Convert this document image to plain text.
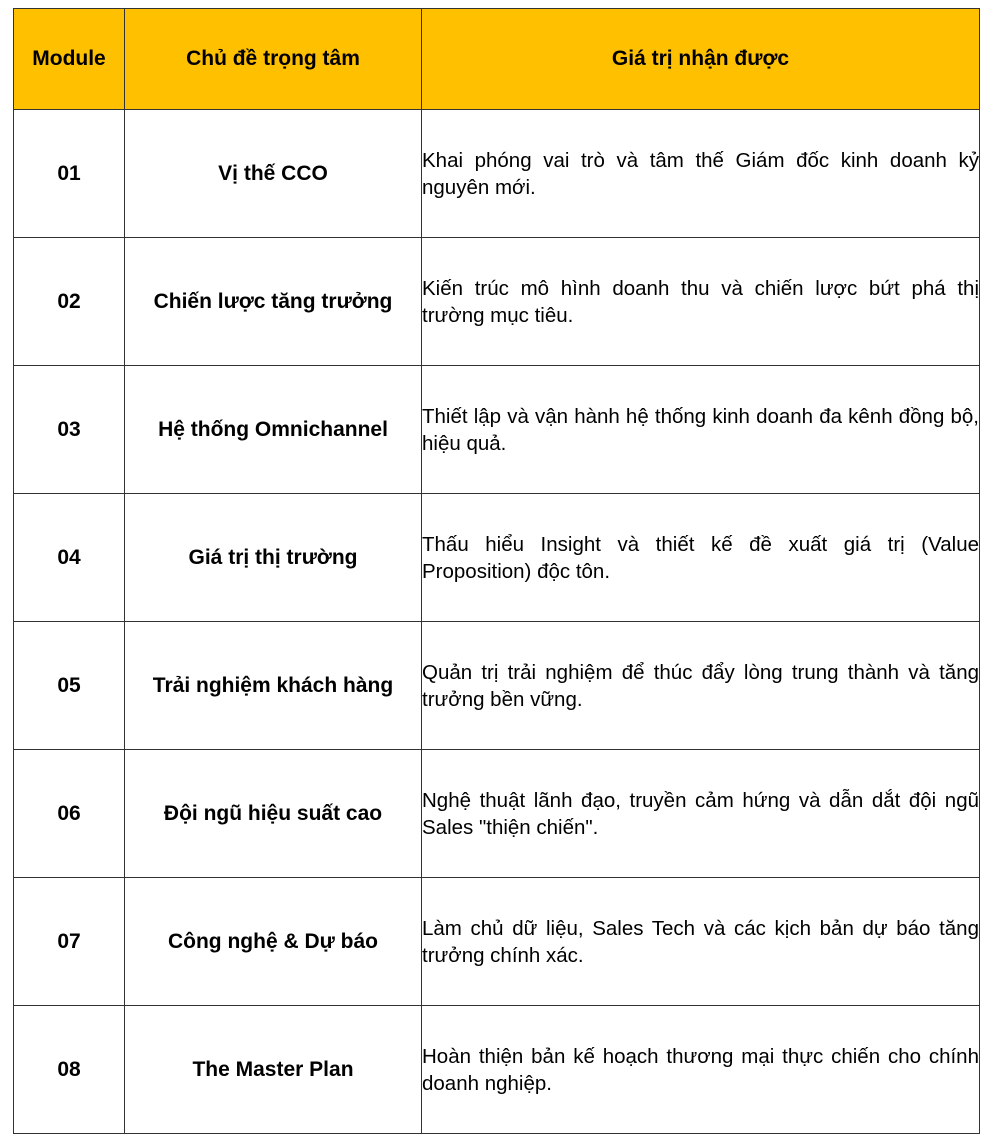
Module	Chủ đề trọng tâm	Giá trị nhận được
01	Vị thế CCO	Khai phóng vai trò và tâm thế Giám đốc kinh doanh kỷ nguyên mới.
02	Chiến lược tăng trưởng	Kiến trúc mô hình doanh thu và chiến lược bứt phá thị trường mục tiêu.
03	Hệ thống Omnichannel	Thiết lập và vận hành hệ thống kinh doanh đa kênh đồng bộ, hiệu quả.
04	Giá trị thị trường	Thấu hiểu Insight và thiết kế đề xuất giá trị (Value Proposition) độc tôn.
05	Trải nghiệm khách hàng	Quản trị trải nghiệm để thúc đẩy lòng trung thành và tăng trưởng bền vững.
06	Đội ngũ hiệu suất cao	Nghệ thuật lãnh đạo, truyền cảm hứng và dẫn dắt đội ngũ Sales "thiện chiến".
07	Công nghệ & Dự báo	Làm chủ dữ liệu, Sales Tech và các kịch bản dự báo tăng trưởng chính xác.
08	The Master Plan	Hoàn thiện bản kế hoạch thương mại thực chiến cho chính doanh nghiệp.
